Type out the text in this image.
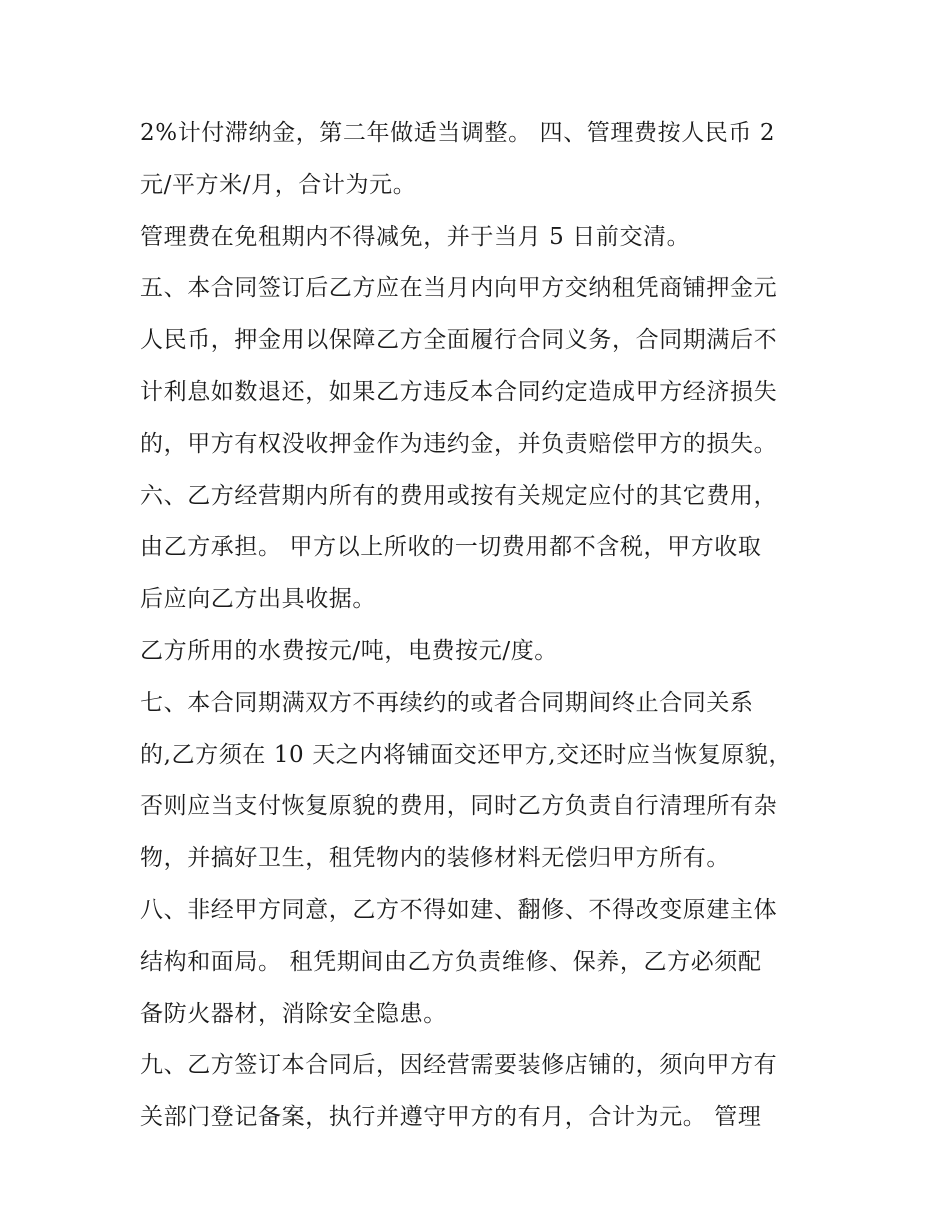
2%计付滞纳金，第二年做适当调整。 四、管理费按人民币 2
元/平方米/月，合计为元。
管理费在免租期内不得减免，并于当月 5 日前交清。
五、本合同签订后乙方应在当月内向甲方交纳租凭商铺押金元
人民币，押金用以保障乙方全面履行合同义务，合同期满后不
计利息如数退还，如果乙方违反本合同约定造成甲方经济损失
的，甲方有权没收押金作为违约金，并负责赔偿甲方的损失。
六、乙方经营期内所有的费用或按有关规定应付的其它费用，
由乙方承担。 甲方以上所收的一切费用都不含税，甲方收取
后应向乙方出具收据。
乙方所用的水费按元/吨，电费按元/度。
七、本合同期满双方不再续约的或者合同期间终止合同关系
的,乙方须在 10 天之内将铺面交还甲方,交还时应当恢复原貌，
否则应当支付恢复原貌的费用，同时乙方负责自行清理所有杂
物，并搞好卫生，租凭物内的装修材料无偿归甲方所有。
八、非经甲方同意，乙方不得如建、翻修、不得改变原建主体
结构和面局。 租凭期间由乙方负责维修、保养，乙方必须配
备防火器材，消除安全隐患。
九、乙方签订本合同后，因经营需要装修店铺的，须向甲方有
关部门登记备案，执行并遵守甲方的有月，合计为元。 管理
